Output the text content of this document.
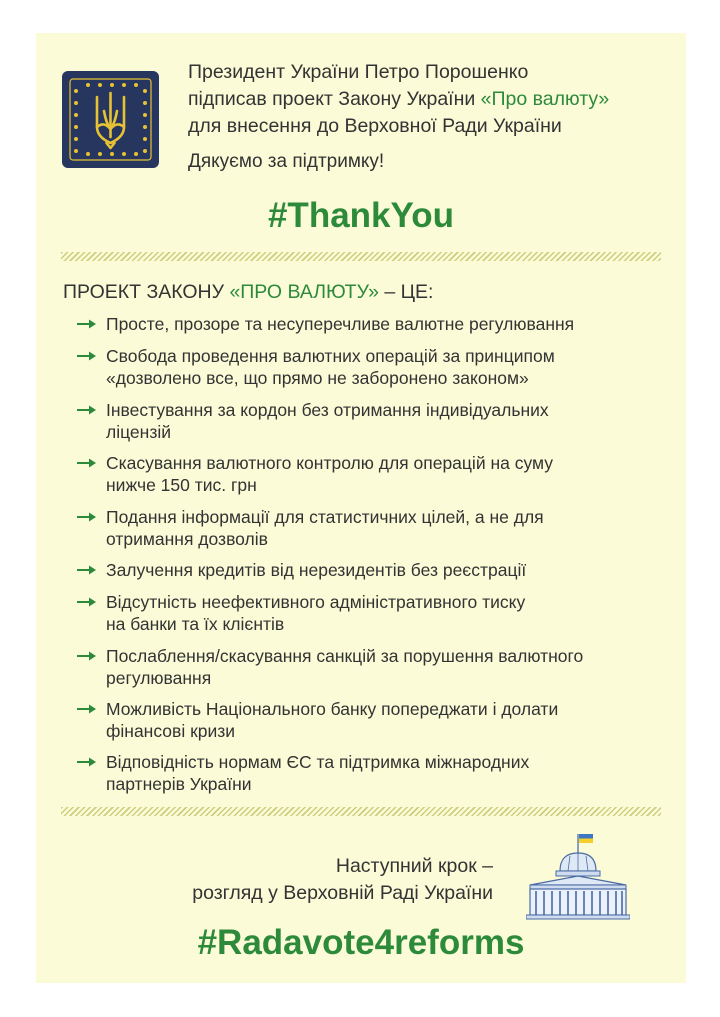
Президент України Петро Порошенко
підписав проект Закону України «Про валюту»
для внесення до Верховної Ради України
Дякуємо за підтримку!
#ThankYou
ПРОЕКТ ЗАКОНУ «ПРО ВАЛЮТУ» – ЦЕ:
Просте, прозоре та несуперечливе валютне регулювання
Свобода проведення валютних операцій за принципом
«дозволено все, що прямо не заборонено законом»
Інвестування за кордон без отримання індивідуальних
ліцензій
Скасування валютного контролю для операцій на суму
нижче 150 тис. грн
Подання інформації для статистичних цілей, а не для
отримання дозволів
Залучення кредитів від нерезидентів без реєстрації
Відсутність неефективного адміністративного тиску
на банки та їх клієнтів
Послаблення/скасування санкцій за порушення валютного
регулювання
Можливість Національного банку попереджати і долати
фінансові кризи
Відповідність нормам ЄС та підтримка міжнародних
партнерів України
Наступний крок –
розгляд у Верховній Раді України
#Radavote4reforms
